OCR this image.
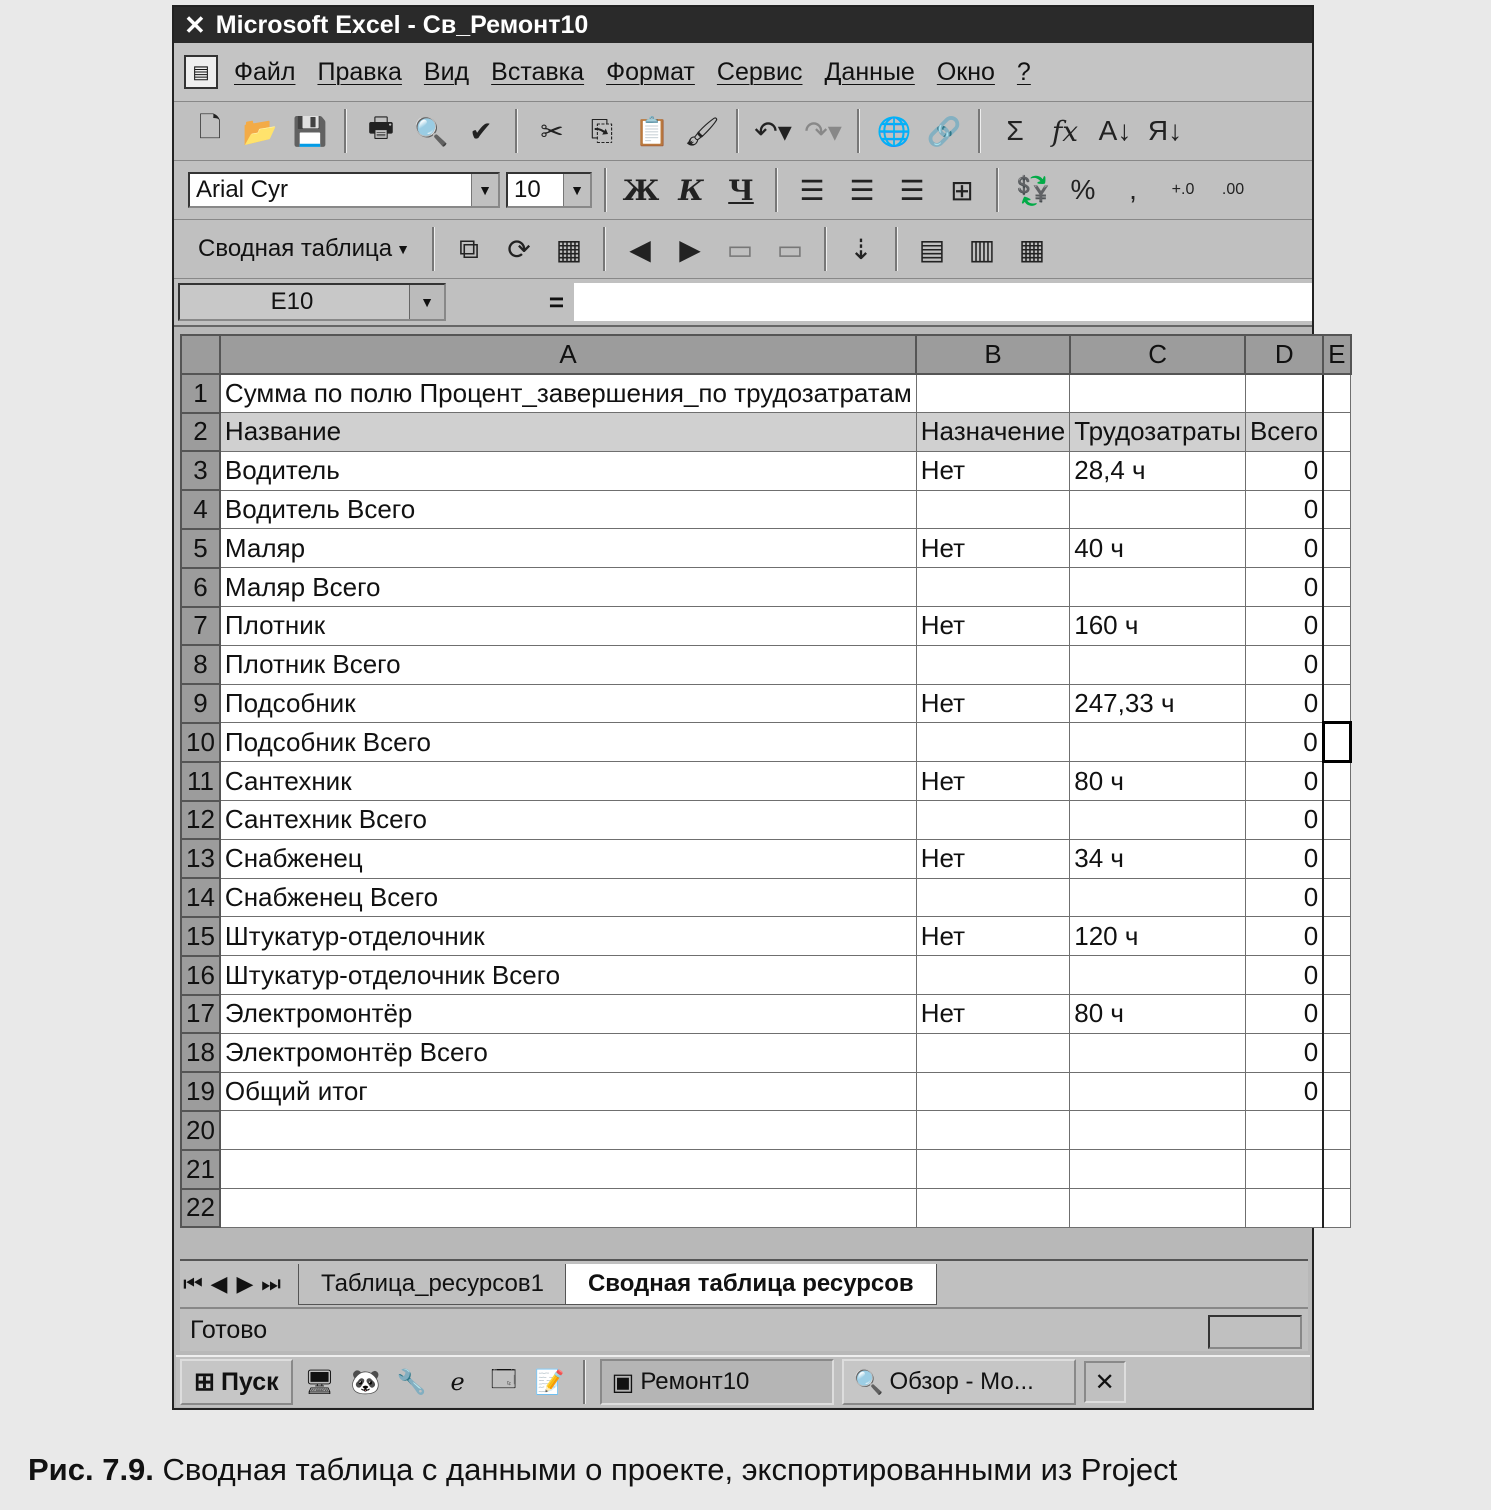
✕ Microsoft Excel - Св_Ремонт10
▤ Файл Правка Вид Вставка Формат Сервис Данные Окно ?
🗋 📂 💾	🖶 🔍 ✔	✂ ⎘ 📋 🖌 ↶▾ ↷▾ 🌐 🔗	Σ	fx A↓ Я↓
Arial Cyr	▼ 10	▼ Ж К Ч	☰ ☰ ☰ ⊞	💱 %	,	+.0	.00
Сводная таблица ▼	⧉	⟳ ▦	◀	▶ ▭ ▭	⇣	▤ ▥ ▦
E10	▼	=
	A	B	C	D	E
1	Сумма по полю Процент_завершения_по трудозатратам				
2	Название	Назначение	Трудозатраты	Всего	
3	Водитель	Нет	28,4 ч	0	
4	Водитель Всего			0	
5	Маляр	Нет	40 ч	0	
6	Маляр Всего			0	
7	Плотник	Нет	160 ч	0	
8	Плотник Всего			0	
9	Подсобник	Нет	247,33 ч	0	
10	Подсобник Всего			0	
11	Сантехник	Нет	80 ч	0	
12	Сантехник Всего			0	
13	Снабженец	Нет	34 ч	0	
14	Снабженец Всего			0	
15	Штукатур-отделочник	Нет	120 ч	0	
16	Штукатур-отделочник Всего			0	
17	Электромонтёр	Нет	80 ч	0	
18	Электромонтёр Всего			0	
19	Общий итог			0	
20					
21					
22					
⏮ ◀ ▶ ⏭	Таблица_ресурсов1	Сводная таблица ресурсов
Готово
⊞ Пуск 🖥 🐼 🔧 ℯ	🗔 📝 ▣ Ремонт10	🔍 Обзор - Мо...	✕
Рис. 7.9. Сводная таблица с данными о проекте, экспортированными из Project
